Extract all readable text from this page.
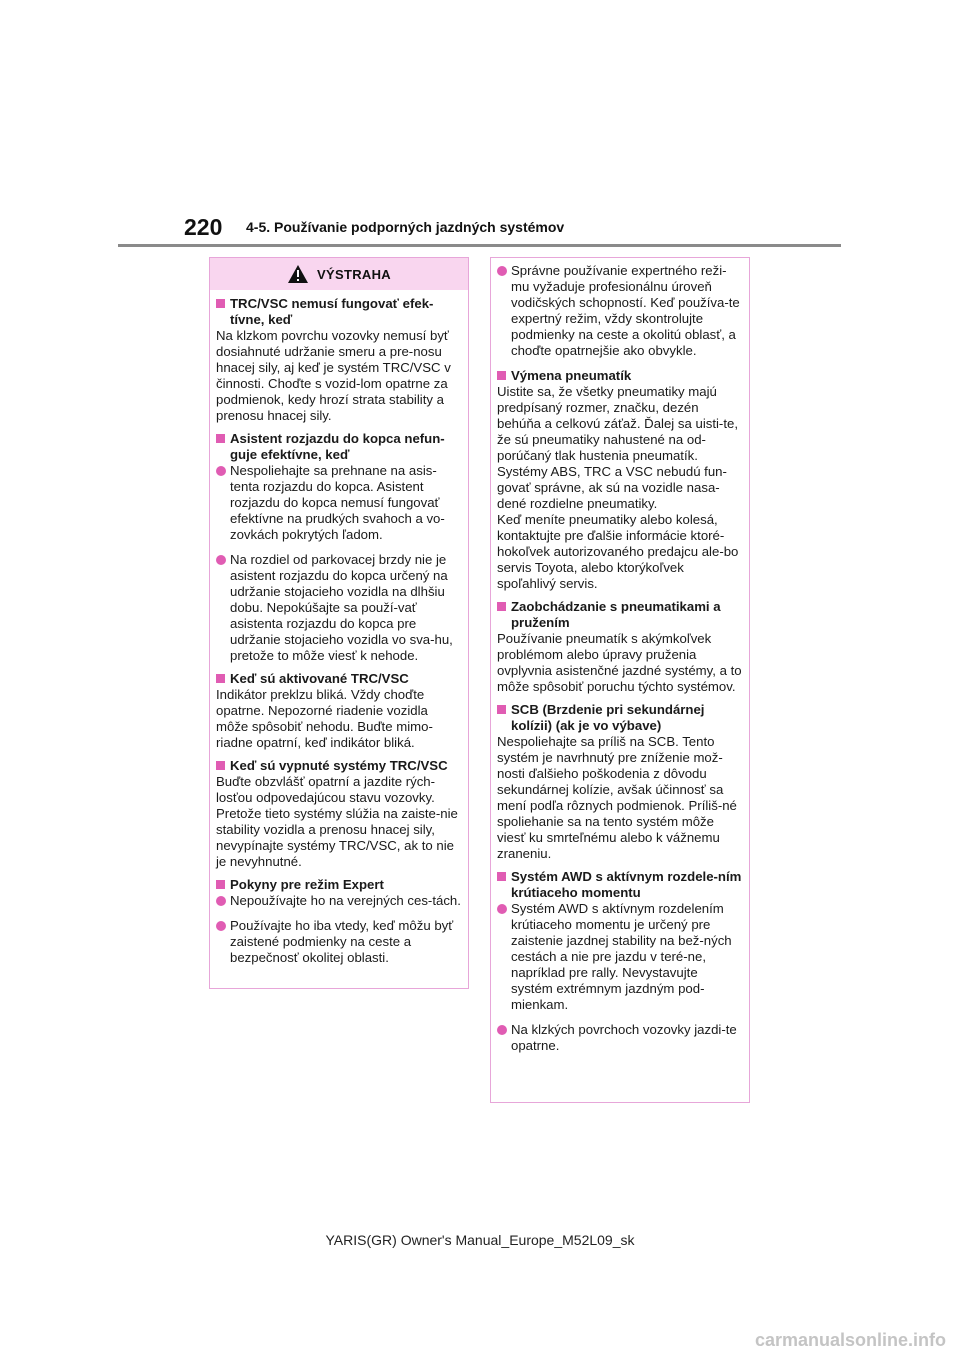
220 4-5. Používanie podporných jazdných systémov
VÝSTRAHA
TRC/VSC nemusí fungovať efek-tívne, keď

Na klzkom povrchu vozovky nemusí byť dosiahnuté udržanie smeru a pre-nosu hnacej sily, aj keď je systém TRC/VSC v činnosti. Choďte s vozid-lom opatrne za podmienok, kedy hrozí strata stability a prenosu hnacej sily.

Asistent rozjazdu do kopca nefun-guje efektívne, keď
Nespoliehajte sa prehnane na asis-tenta rozjazdu do kopca. Asistent rozjazdu do kopca nemusí fungovať efektívne na prudkých svahoch a vo-zovkách pokrytých ľadom.
Na rozdiel od parkovacej brzdy nie je asistent rozjazdu do kopca určený na udržanie stojacieho vozidla na dlhšiu dobu. Nepokúšajte sa použí-vať asistenta rozjazdu do kopca pre udržanie stojacieho vozidla vo sva-hu, pretože to môže viesť k nehode.
Keď sú aktivované TRC/VSC

Indikátor preklzu bliká. Vždy choďte opatrne. Nepozorné riadenie vozidla môže spôsobiť nehodu. Buďte mimo-riadne opatrní, keď indikátor bliká.

Keď sú vypnuté systémy TRC/VSC

Buďte obzvlášť opatrní a jazdite rých-losťou odpovedajúcou stavu vozovky. Pretože tieto systémy slúžia na zaiste-nie stability vozidla a prenosu hnacej sily, nevypínajte systémy TRC/VSC, ak to nie je nevyhnutné.

Pokyny pre režim Expert
Nepoužívajte ho na verejných ces-tách.
Používajte ho iba vtedy, keď môžu byť zaistené podmienky na ceste a bezpečnosť okolitej oblasti.
Správne používanie expertného reži-mu vyžaduje profesionálnu úroveň vodičských schopností. Keď používa-te expertný režim, vždy skontrolujte podmienky na ceste a okolitú oblasť, a choďte opatrnejšie ako obvykle.
Výmena pneumatík

Uistite sa, že všetky pneumatiky majú predpísaný rozmer, značku, dezén behúňa a celkovú záťaž. Ďalej sa uisti-te, že sú pneumatiky nahustené na od-porúčaný tlak hustenia pneumatík. Systémy ABS, TRC a VSC nebudú fun-govať správne, ak sú na vozidle nasa-dené rozdielne pneumatiky.

Keď meníte pneumatiky alebo kolesá, kontaktujte pre ďalšie informácie ktoré-hokoľvek autorizovaného predajcu ale-bo servis Toyota, alebo ktorýkoľvek spoľahlivý servis.

Zaobchádzanie s pneumatikami a pružením

Používanie pneumatík s akýmkoľvek problémom alebo úpravy pruženia ovplyvnia asistenčné jazdné systémy, a to môže spôsobiť poruchu týchto systémov.

SCB (Brzdenie pri sekundárnej kolízii) (ak je vo výbave)

Nespoliehajte sa príliš na SCB. Tento systém je navrhnutý pre zníženie mož-nosti ďalšieho poškodenia z dôvodu sekundárnej kolízie, avšak účinnosť sa mení podľa rôznych podmienok. Príliš-né spoliehanie sa na tento systém môže viesť ku smrteľnému alebo k vážnemu zraneniu.

Systém AWD s aktívnym rozdele-ním krútiaceho momentu
Systém AWD s aktívnym rozdelením krútiaceho momentu je určený pre zaistenie jazdnej stability na bež-ných cestách a nie pre jazdu v teré-ne, napríklad pre rally. Nevystavujte systém extrémnym jazdným pod-mienkam.
Na klzkých povrchoch vozovky jazdi-te opatrne.
YARIS(GR) Owner's Manual_Europe_M52L09_sk
carmanualsonline.info
